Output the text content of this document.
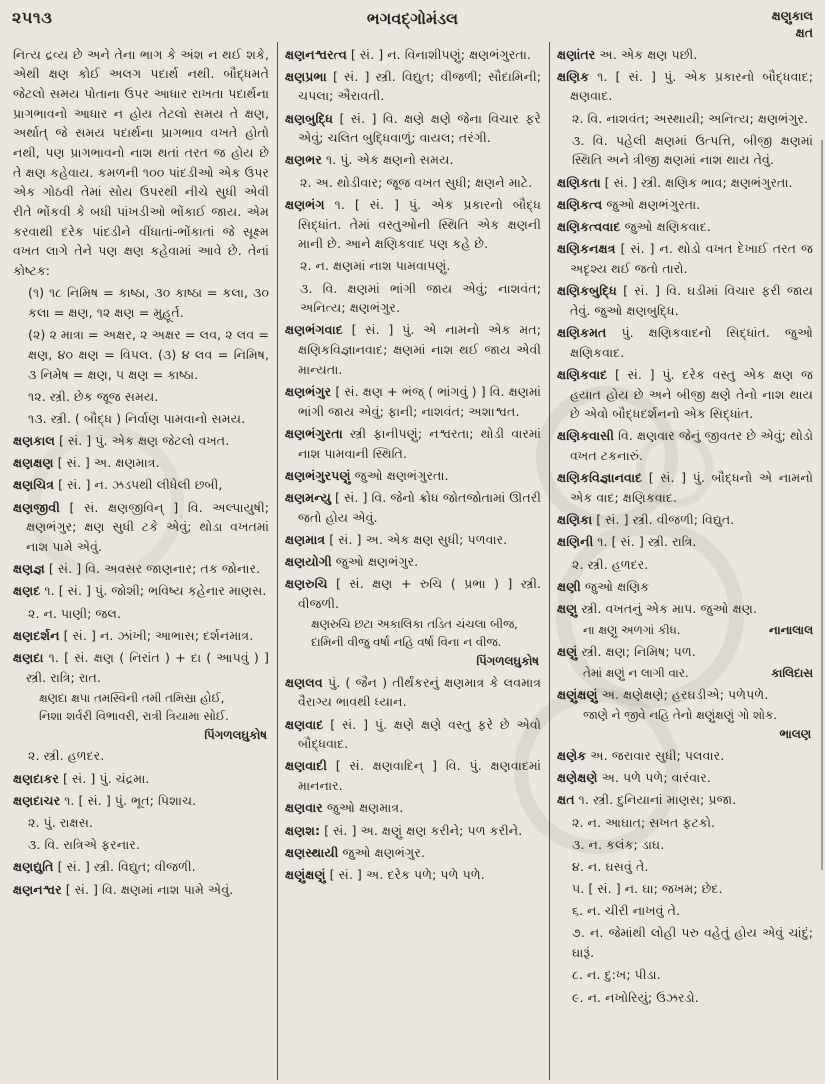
૨૫૧૩	ભગવદ્ગોમંડલ	ક્ષણુકાલ
ક્ષત
નિત્ય દ્રવ્ય છે અને તેના ભાગ કે અંશ ન થઈ શકે, એથી ક્ષણ કોઈ અલગ પદાર્થ નથી. બૌદ્ધમતે જેટલો સમય પોતાના ઉપર આધાર રાખતા પદાર્થના પ્રાગભાવનો આધાર ન હોય તેટલો સમય તે ક્ષણ, અર્થાત્ જે સમય પદાર્થના પ્રાગભાવ વખતે હોતો નથી, પણ પ્રાગભાવનો નાશ થતાં તરત જ હોય છે તે ક્ષણ કહેવાય. કમળની ૧૦૦ પાંદડીઓ એક ઉપર એક ગોઠવી તેમાં સોય ઉપરથી નીચે સુધી એવી રીતે ભોંકવી કે બધી પાંખડીઓ ભોંકાઈ જાય. એમ કરવાથી દરેક પાંદડીને વીંધાતાં-ભોંકાતાં જે સૂક્ષ્મ વખત લાગે તેને પણ ક્ષણ કહેવામાં આવે છે. તેનાં કોષ્ટક:
(૧) ૧૮ નિમિષ = કાષ્ઠા, ૩૦ કાષ્ઠા = કલા, ૩૦ કલા = ક્ષણ, ૧૨ ક્ષણ = મુહૂર્ત.
(૨) ૨ માત્રા = અક્ષર, ૨ અક્ષર = લવ, ૨ લવ = ક્ષણ, ૪૦ ક્ષણ = વિપલ. (૩) ૪ લવ = નિમિષ, ૩ નિમેષ = ક્ષણ, ૫ ક્ષણ = કાષ્ઠા.
૧૨. સ્ત્રી. છેક જૂજ સમય.
૧૩. સ્ત્રી. ( બૌદ્ધ ) નિર્વાણ પામવાનો સમય.
ક્ષણકાલ [ સં. ] પું. એક ક્ષણ જેટલો વખત.
ક્ષણક્ષણ [ સં. ] અ. ક્ષણમાત્ર.
ક્ષણચિત્ર [ સં. ] ન. ઝડપથી લીધેલી છબી,
ક્ષણજીવી [ સં. ક્ષણજીવિન્ ] વિ. અલ્પાયુષી; ક્ષણભંગુર; ક્ષણ સુધી ટકે એવું; થોડા વખતમાં નાશ પામે એવું.
ક્ષણજ્ઞ [ સં. ] વિ. અવસર જાણનાર; તક જોનાર.
ક્ષણદ ૧. [ સં. ] પું. જોશી; ભવિષ્ય કહેનાર માણસ.
૨. ન. પાણી; જલ.
ક્ષણદર્શન [ સં. ] ન. ઝાંખી; આભાસ; દર્શનમાત્ર.
ક્ષણદા ૧. [ સં. ક્ષણ ( નિરાંત ) + દા ( આપવું ) ] સ્ત્રી. રાત્રિ; રાત.
ક્ષણદા ક્ષપા તમસ્વિની તમી તમિસ્રા હોઈ,
નિશા શર્વરી વિભાવરી, રાત્રી ત્રિયામા સોઈ.
પિંગળલઘુકોષ
૨. સ્ત્રી. હળદર.
ક્ષણદાકર [ સં. ] પું. ચંદ્રમા.
ક્ષણદાચર ૧. [ સં. ] પું. ભૂત; પિશાચ.
૨. પું. રાક્ષસ.
૩. વિ. રાત્રિએ ફરનાર.
ક્ષણદ્યુતિ [ સં. ] સ્ત્રી. વિદ્યુત; વીજળી.
ક્ષણનશ્વર [ સં. ] વિ. ક્ષણમાં નાશ પામે એવું.
ક્ષણનશ્વરત્વ [ સં. ] ન. વિનાશીપણું; ક્ષણભંગુરતા.
ક્ષણપ્રભા [ સં. ] સ્ત્રી. વિદ્યુત; વીજળી; સૌદામિની; ચપલા; ઐરાવતી.
ક્ષણબુદ્ધિ [ સં. ] વિ. ક્ષણે ક્ષણે જેના વિચાર ફરે એવું; ચલિત બુદ્ધિવાળું; વાયલ; તરંગી.
ક્ષણભર ૧. પું. એક ક્ષણનો સમય.
૨. અ. થોડીવાર; જૂજ વખત સુધી; ક્ષણને માટે.
ક્ષણભંગ ૧. [ સં. ] પું. એક પ્રકારનો બૌદ્ધ સિદ્ધાંત. તેમાં વસ્તુઓની સ્થિતિ એક ક્ષણની માની છે. આને ક્ષણિકવાદ પણ કહે છે.
૨. ન. ક્ષણમાં નાશ પામવાપણું.
૩. વિ. ક્ષણમાં ભાંગી જાય એવું; નાશવંત; અનિત્ય; ક્ષણભંગુર.
ક્ષણભંગવાદ [ સં. ] પું. એ નામનો એક મત; ક્ષણિકવિજ્ઞાનવાદ; ક્ષણમાં નાશ થઈ જાય એવી માન્યતા.
ક્ષણભંગુર [ સં. ક્ષણ + ભંજ્ ( ભાંગવું ) ] વિ. ક્ષણમાં ભાંગી જાય એવું; ફાની; નાશવંત; અશાશ્વત.
ક્ષણભંગુરતા સ્ત્રી ફાનીપણું; નશ્વરતા; થોડી વારમાં નાશ પામવાની સ્થિતિ.
ક્ષણભંગુરપણું જુઓ ક્ષણભંગુરતા.
ક્ષણમન્યુ [ સં. ] વિ. જેનો ક્રોધ જોતજોતામાં ઊતરી જતો હોય એવું.
ક્ષણમાત્ર [ સં. ] અ. એક ક્ષણ સુધી; પળવાર.
ક્ષણયોગી જુઓ ક્ષણભંગુર.
ક્ષણરુચિ [ સં. ક્ષણ + રુચિ ( પ્રભા ) ] સ્ત્રી. વીજળી.
ક્ષણરુચિ છટા અકાલિકા તડિત ચંચલા બીજ,
દામિની વીજુ વર્ષા નહિ વર્ષા વિના ન વીજ.
પિંગળલઘુકોષ
ક્ષણલવ પું. ( જૈન ) તીર્થંકરનું ક્ષણમાત્ર કે લવમાત્ર વૈરાગ્ય ભાવથી ધ્યાન.
ક્ષણવાદ [ સં. ] પું. ક્ષણે ક્ષણે વસ્તુ ફરે છે એવો બૌદ્ધવાદ.
ક્ષણવાદી [ સં. ક્ષણવાદિન્ ] વિ. પું. ક્ષણવાદમાં માનનાર.
ક્ષણવાર જુઓ ક્ષણમાત્ર.
ક્ષણશ: [ સં. ] અ. ક્ષણું ક્ષણ કરીને; પળ કરીને.
ક્ષણસ્થાયી જુઓ ક્ષણભંગુર.
ક્ષણુંક્ષણું [ સં. ] અ. દરેક પળે; પળે પળે.
ક્ષણાંતર અ. એક ક્ષણ પછી.
ક્ષણિક ૧. [ સં. ] પું. એક પ્રકારનો બૌદ્ધવાદ; ક્ષણવાદ.
૨. વિ. નાશવંત; અસ્થાયી; અનિત્ય; ક્ષણભંગુર.
૩. વિ. પહેલી ક્ષણમાં ઉત્પત્તિ, બીજી ક્ષણમાં સ્થિતિ અને ત્રીજી ક્ષણમાં નાશ થાય તેવું.
ક્ષણિકતા [ સં. ] સ્ત્રી. ક્ષણિક ભાવ; ક્ષણભંગુરતા.
ક્ષણિકત્વ જુઓ ક્ષણભંગુરતા.
ક્ષણિકત્વવાદ જુઓ ક્ષણિકવાદ.
ક્ષણિકનક્ષત્ર [ સં. ] ન. થોડો વખત દેખાઈ તરત જ અદૃશ્ય થઈ જતો તારો.
ક્ષણિકબુદ્ધિ [ સં. ] વિ. ઘડીમાં વિચાર ફરી જાય તેવું. જુઓ ક્ષણબુદ્ધિ.
ક્ષણિકમત પું. ક્ષણિકવાદનો સિદ્ધાંત. જુઓ ક્ષણિકવાદ.
ક્ષણિકવાદ [ સં. ] પું. દરેક વસ્તુ એક ક્ષણ જ હયાત હોય છે અને બીજી ક્ષણે તેનો નાશ થાય છે એવો બૌદ્ધદર્શનનો એક સિદ્ધાંત.
ક્ષણિકવાસી વિ. ક્ષણવાર જેનું જીવતર છે એવું; થોડો વખત ટકનારું.
ક્ષણિકવિજ્ઞાનવાદ [ સં. ] પું. બૌદ્ધનો એ નામનો એક વાદ; ક્ષણિકવાદ.
ક્ષણિકા [ સં. ] સ્ત્રી. વીજળી; વિદ્યુત.
ક્ષણિની ૧. [ સં. ] સ્ત્રી. રાત્રિ.
૨. સ્ત્રી. હળદર.
ક્ષણી જુઓ ક્ષણિક
ક્ષણુ સ્ત્રી. વખતનું એક માપ. જુઓ ક્ષણ.
ના ક્ષણુ અળગાં કીધ.	નાનાલાલ
ક્ષણું સ્ત્રી. ક્ષણ; નિમિષ; પળ.
તેમાં ક્ષણું ન લાગી વાર.	કાલિદાસ
ક્ષણુંક્ષણું અ. ક્ષણેક્ષણે; હરઘડીએ; પળેપળે.
જાણે ને જીવે નહિ તેનો ક્ષણુંક્ષણું ગો શોક.
ભાલણ
ક્ષણેક અ. જરાવાર સુધી; પલવાર.
ક્ષણેક્ષણે અ. પળે પળે; વારંવાર.
ક્ષત ૧. સ્ત્રી. દુનિયાનાં માણસ; પ્રજા.
૨. ન. આઘાત; સખત ફટકો.
૩. ન. કલંક; ડાઘ.
૪. ન. ઘસવું તે.
૫. [ સં. ] ન. ઘા; જખમ; છેદ.
૬. ન. ચીરી નાખવું તે.
૭. ન. જેમાંથી લોહી પરુ વહેતું હોય એવું ચાંદું; ઘારૂં.
૮. ન. દુ:ખ; પીડા.
૯. ન. નખોરિયું; ઉઝરડો.
